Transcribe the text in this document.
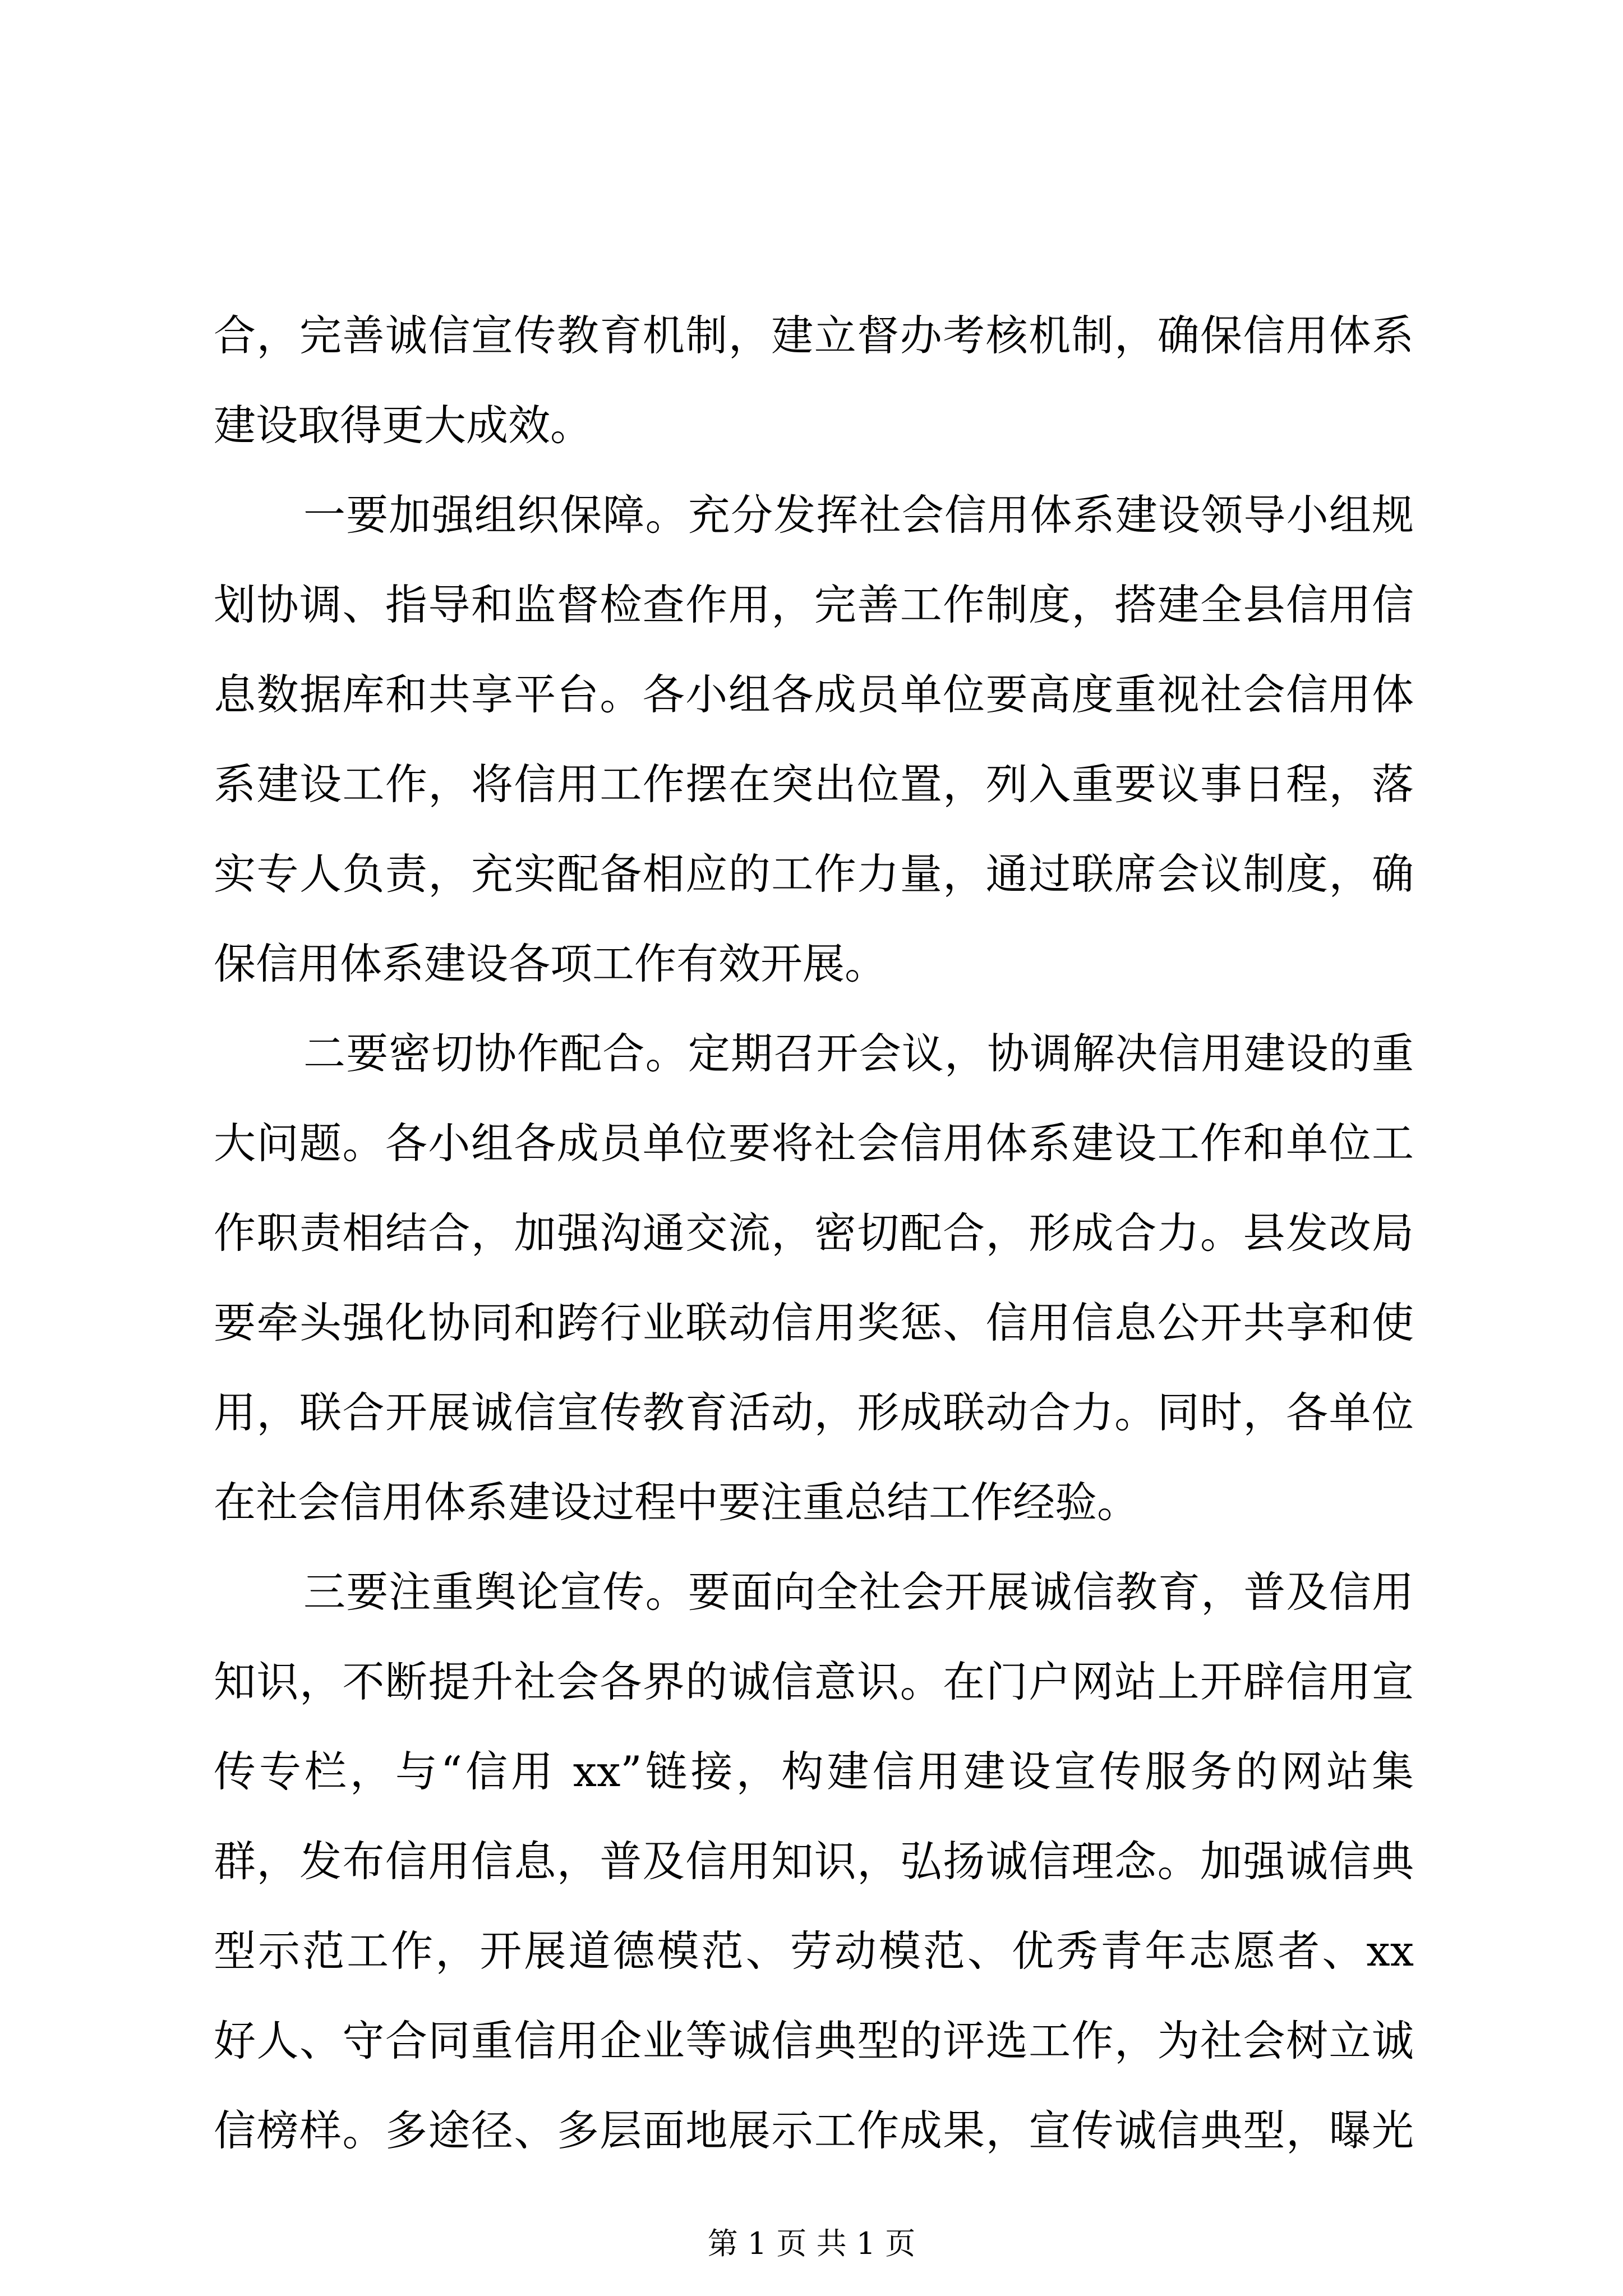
合，完善诚信宣传教育机制，建立督办考核机制，确保信用体系
建设取得更大成效。
一要加强组织保障。充分发挥社会信用体系建设领导小组规
划协调、指导和监督检查作用，完善工作制度，搭建全县信用信
息数据库和共享平台。各小组各成员单位要高度重视社会信用体
系建设工作，将信用工作摆在突出位置，列入重要议事日程，落
实专人负责，充实配备相应的工作力量，通过联席会议制度，确
保信用体系建设各项工作有效开展。
二要密切协作配合。定期召开会议，协调解决信用建设的重
大问题。各小组各成员单位要将社会信用体系建设工作和单位工
作职责相结合，加强沟通交流，密切配合，形成合力。县发改局
要牵头强化协同和跨行业联动信用奖惩、信用信息公开共享和使
用，联合开展诚信宣传教育活动，形成联动合力。同时，各单位
在社会信用体系建设过程中要注重总结工作经验。
三要注重舆论宣传。要面向全社会开展诚信教育，普及信用
知识，不断提升社会各界的诚信意识。在门户网站上开辟信用宣
传专栏，与“信用 xx”链接，构建信用建设宣传服务的网站集
群，发布信用信息，普及信用知识，弘扬诚信理念。加强诚信典
型示范工作，开展道德模范、劳动模范、优秀青年志愿者、xx
好人、守合同重信用企业等诚信典型的评选工作，为社会树立诚
信榜样。多途径、多层面地展示工作成果，宣传诚信典型，曝光
第 1 页 共 1 页
